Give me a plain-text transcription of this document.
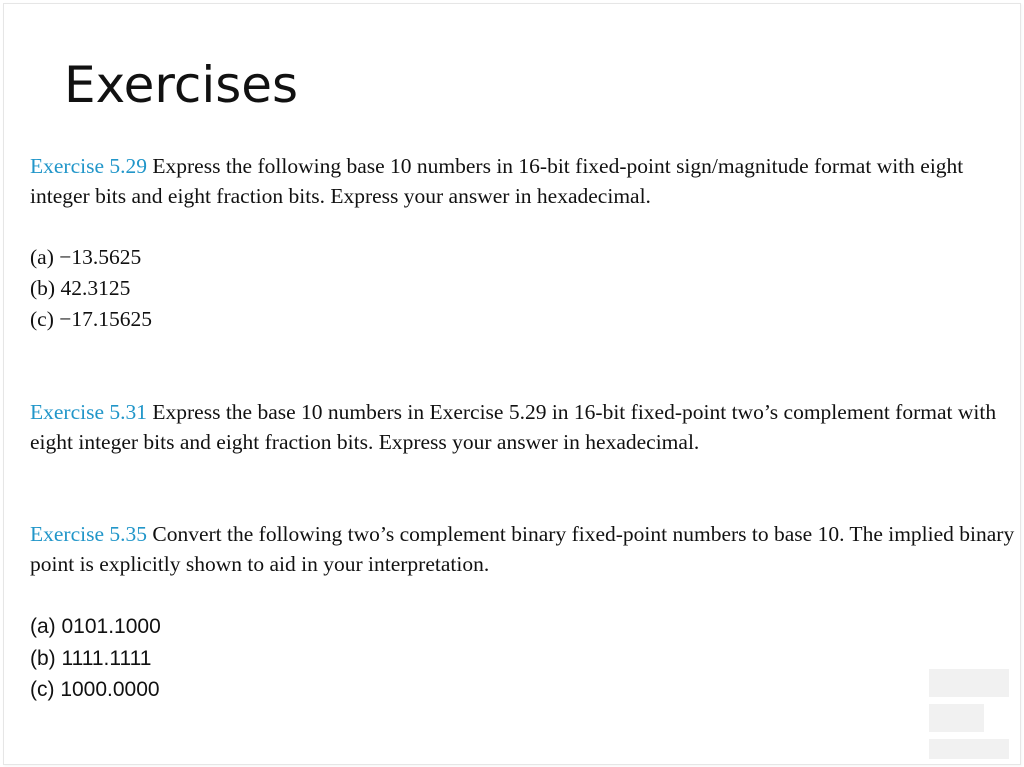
Exercises

Exercise 5.29 Express the following base 10 numbers in 16-bit fixed-point sign/magnitude format with eight integer bits and eight fraction bits. Express your answer in hexadecimal.

(a) −13.5625

(b) 42.3125

(c) −17.15625

Exercise 5.31 Express the base 10 numbers in Exercise 5.29 in 16-bit fixed-point two’s complement format with eight integer bits and eight fraction bits. Express your answer in hexadecimal.

Exercise 5.35 Convert the following two’s complement binary fixed-point numbers to base 10. The implied binary point is explicitly shown to aid in your interpretation.

(a) 0101.1000

(b) 1111.1111

(c) 1000.0000
